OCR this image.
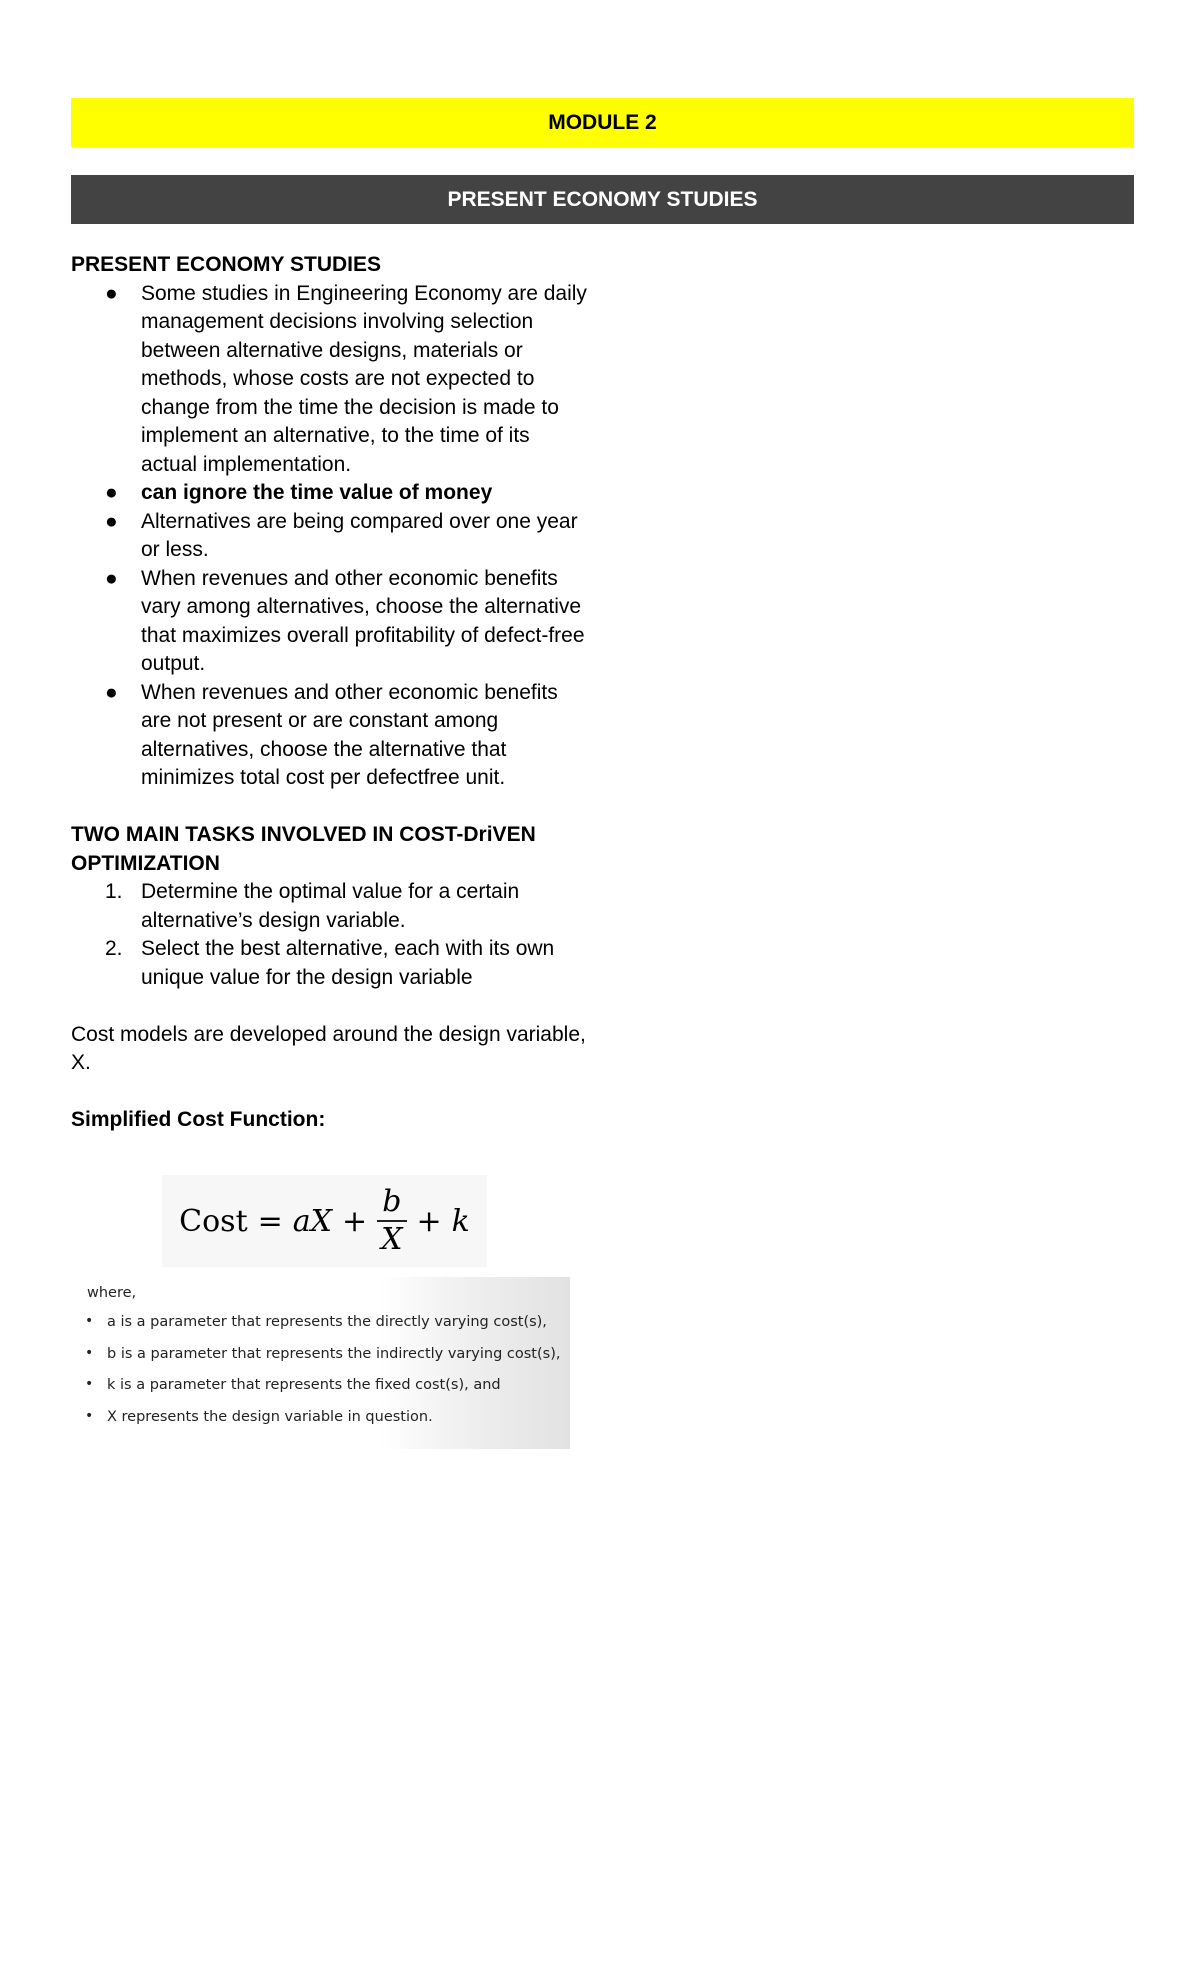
MODULE 2
PRESENT ECONOMY STUDIES

PRESENT ECONOMY STUDIES

● Some studies in Engineering Economy are daily management decisions involving selection between alternative designs, materials or methods, whose costs are not expected to change from the time the decision is made to implement an alternative, to the time of its actual implementation.
● can ignore the time value of money
● Alternatives are being compared over one year or less.
● When revenues and other economic benefits vary among alternatives, choose the alternative that maximizes overall profitability of defect-free output.
● When revenues and other economic benefits are not present or are constant among alternatives, choose the alternative that minimizes total cost per defectfree unit.

TWO MAIN TASKS INVOLVED IN COST-DriVEN
OPTIMIZATION

1. Determine the optimal value for a certain alternative’s design variable.
2. Select the best alternative, each with its own unique value for the design variable

Cost models are developed around the design variable, X.

Simplified Cost Function:

Cost = aX + $\frac{b}{X} + k$
where,
• a is a parameter that represents the directly varying cost(s),
• b is a parameter that represents the indirectly varying cost(s),
• k is a parameter that represents the fixed cost(s), and
• X represents the design variable in question.
